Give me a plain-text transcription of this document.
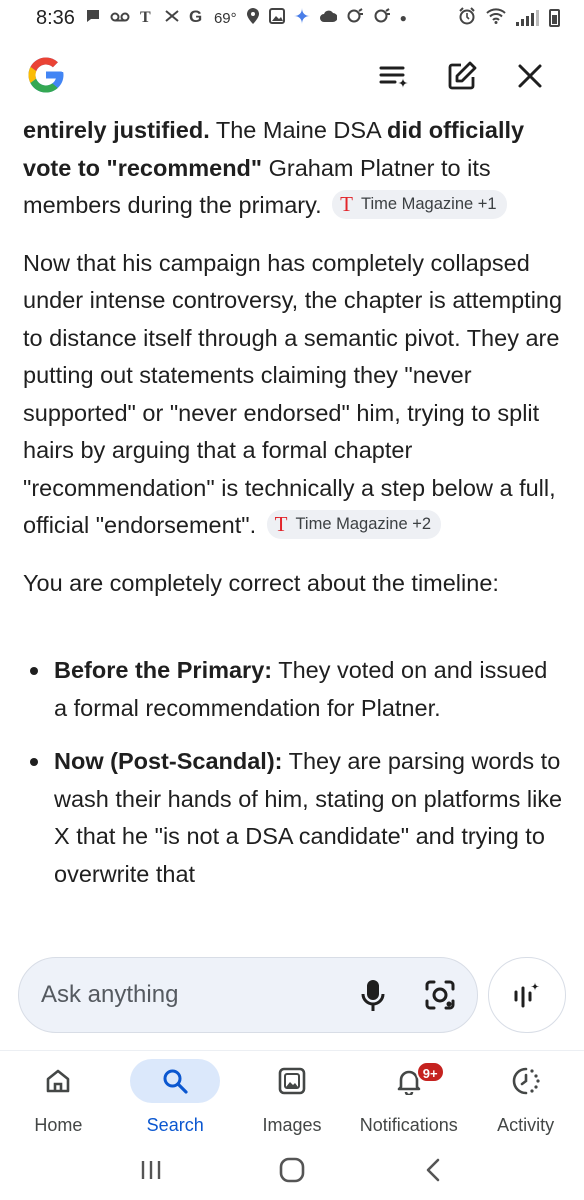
8:36	T G 69°	●

entirely justified. The Maine DSA did officially vote to "recommend" Graham Platner to its members during the primary. T Time Magazine +1

Now that his campaign has completely collapsed under intense controversy, the chapter is attempting to distance itself through a semantic pivot. They are putting out statements claiming they "never supported" or "never endorsed" him, trying to split hairs by arguing that a formal chapter "recommendation" is technically a step below a full, official "endorsement". T Time Magazine +2

You are completely correct about the timeline:

Before the Primary: They voted on and issued a formal recommendation for Platner.
Now (Post-Scandal): They are parsing words to wash their hands of him, stating on platforms like X that he "is not a DSA candidate" and trying to overwrite that
Ask anything
Home	Search	Images
9+
Notifications Activity
